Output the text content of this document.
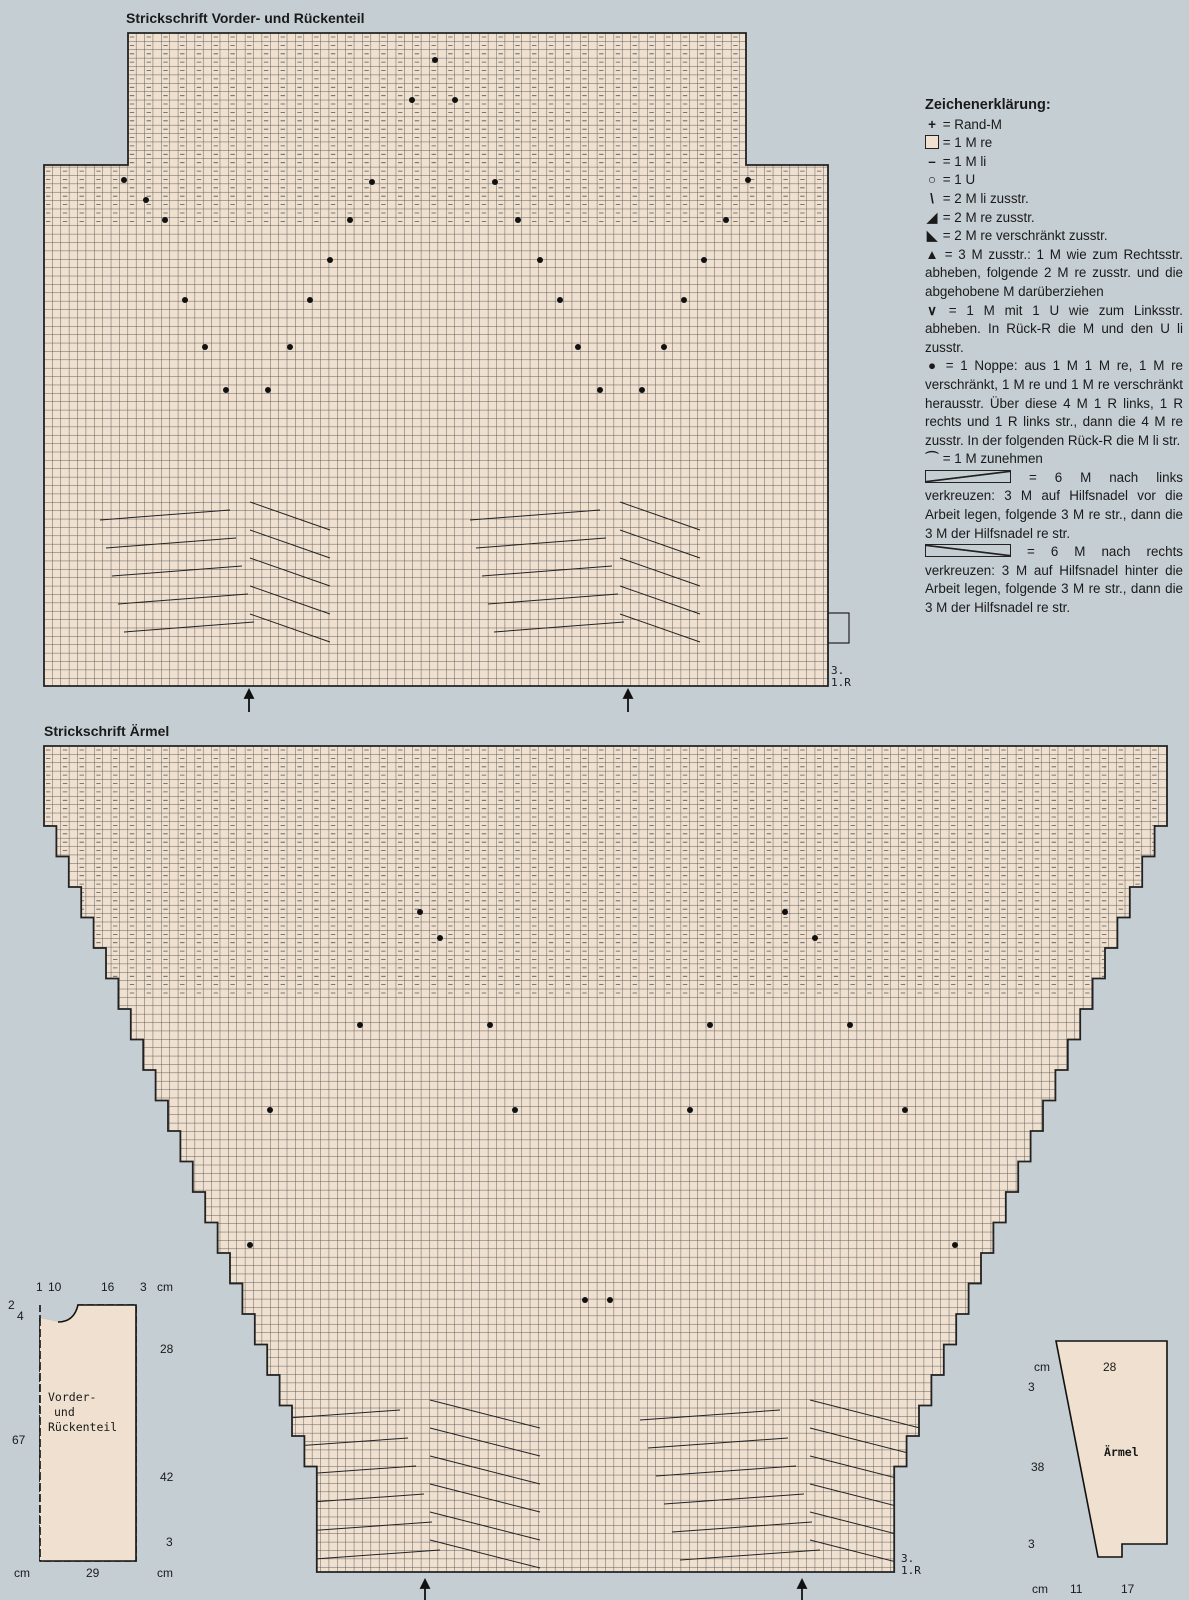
Strickschrift Vorder- und Rückenteil
Strickschrift Ärmel
3.
1.R
3.
1.R
Zeichenerklärung:
+ = Rand-M
= 1 M re
– = 1 M li
○ = 1 U
\ = 2 M li zusstr.
◢ = 2 M re zusstr.
◣ = 2 M re verschränkt zusstr.
▲ = 3 M zusstr.: 1 M wie zum Rechtsstr. abheben, folgende 2 M re zusstr. und die abgehobene M darüberziehen
∨ = 1 M mit 1 U wie zum Linksstr. abheben. In Rück-R die M und den U li zusstr.
● = 1 Noppe: aus 1 M 1 M re, 1 M re verschränkt, 1 M re und 1 M re verschränkt herausstr. Über diese 4 M 1 R links, 1 R rechts und 1 R links str., dann die 4 M re zusstr. In der folgenden Rück-R die M li str.
⌒ = 1 M zunehmen
= 6 M nach links verkreuzen: 3 M auf Hilfsnadel vor die Arbeit legen, folgende 3 M re str., dann die 3 M der Hilfsnadel re str.
= 6 M nach rechts verkreuzen: 3 M auf Hilfsnadel hinter die Arbeit legen, folgende 3 M re str., dann die 3 M der Hilfsnadel re str.
Vorder-
und
Rückenteil
1 10	16 3 cm
cm	29	cm
2
4
67
28
42
3
Ärmel
cm	28
cm 11	17
3
38
3
